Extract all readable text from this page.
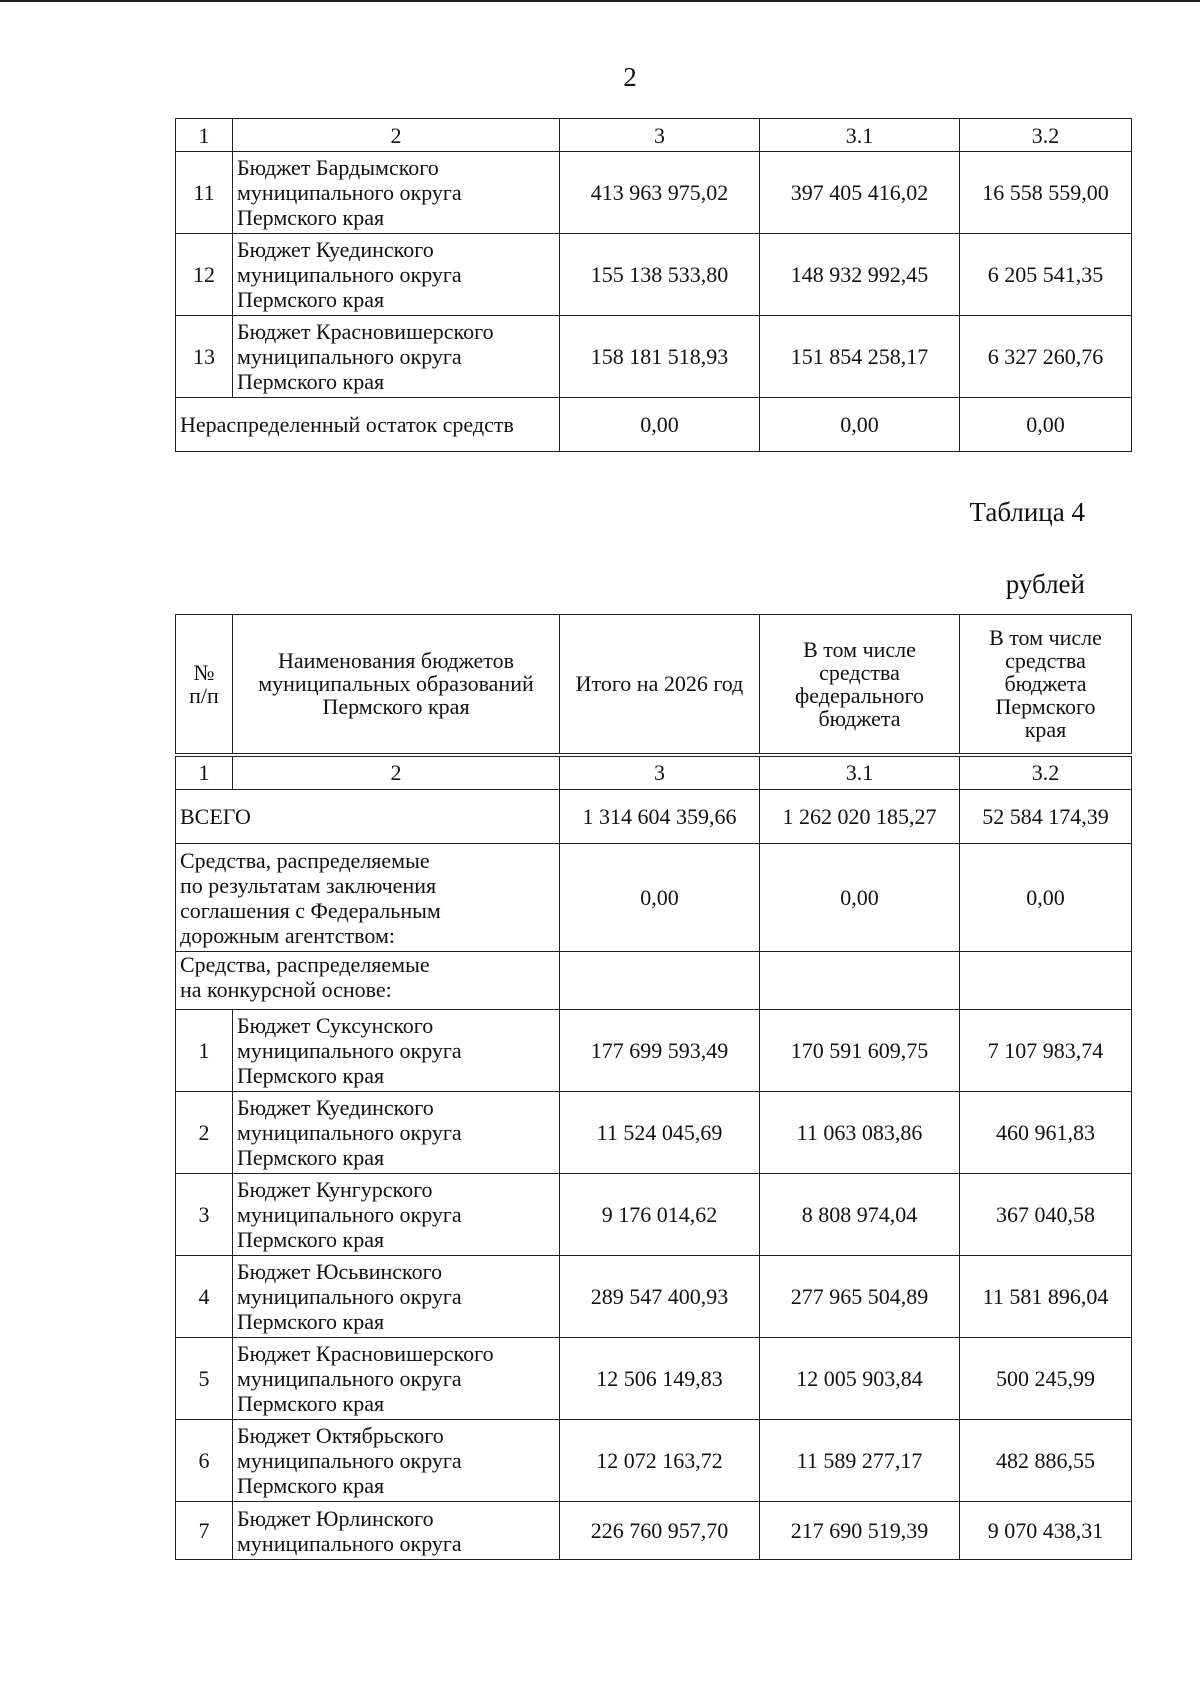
2
1	2	3	3.1	3.2
11	Бюджет Бардымского
муниципального округа
Пермского края	413 963 975,02	397 405 416,02	16 558 559,00
12	Бюджет Куединского
муниципального округа
Пермского края	155 138 533,80	148 932 992,45	6 205 541,35
13	Бюджет Красновишерского
муниципального округа
Пермского края	158 181 518,93	151 854 258,17	6 327 260,76
Нераспределенный остаток средств		0,00	0,00	0,00
Таблица 4
рублей
№
п/п	Наименования бюджетов
муниципальных образований
Пермского края	Итого на 2026 год	В том числе
средства
федерального
бюджета	В том числе
средства
бюджета
Пермского
края
1	2	3	3.1	3.2
ВСЕГО		1 314 604 359,66	1 262 020 185,27	52 584 174,39
Средства, распределяемые
по результатам заключения
соглашения с Федеральным
дорожным агентством:		0,00	0,00	0,00
Средства, распределяемые
на конкурсной основе:				
1	Бюджет Суксунского
муниципального округа
Пермского края	177 699 593,49	170 591 609,75	7 107 983,74
2	Бюджет Куединского
муниципального округа
Пермского края	11 524 045,69	11 063 083,86	460 961,83
3	Бюджет Кунгурского
муниципального округа
Пермского края	9 176 014,62	8 808 974,04	367 040,58
4	Бюджет Юсьвинского
муниципального округа
Пермского края	289 547 400,93	277 965 504,89	11 581 896,04
5	Бюджет Красновишерского
муниципального округа
Пермского края	12 506 149,83	12 005 903,84	500 245,99
6	Бюджет Октябрьского
муниципального округа
Пермского края	12 072 163,72	11 589 277,17	482 886,55
7	Бюджет Юрлинского
муниципального округа	226 760 957,70	217 690 519,39	9 070 438,31
